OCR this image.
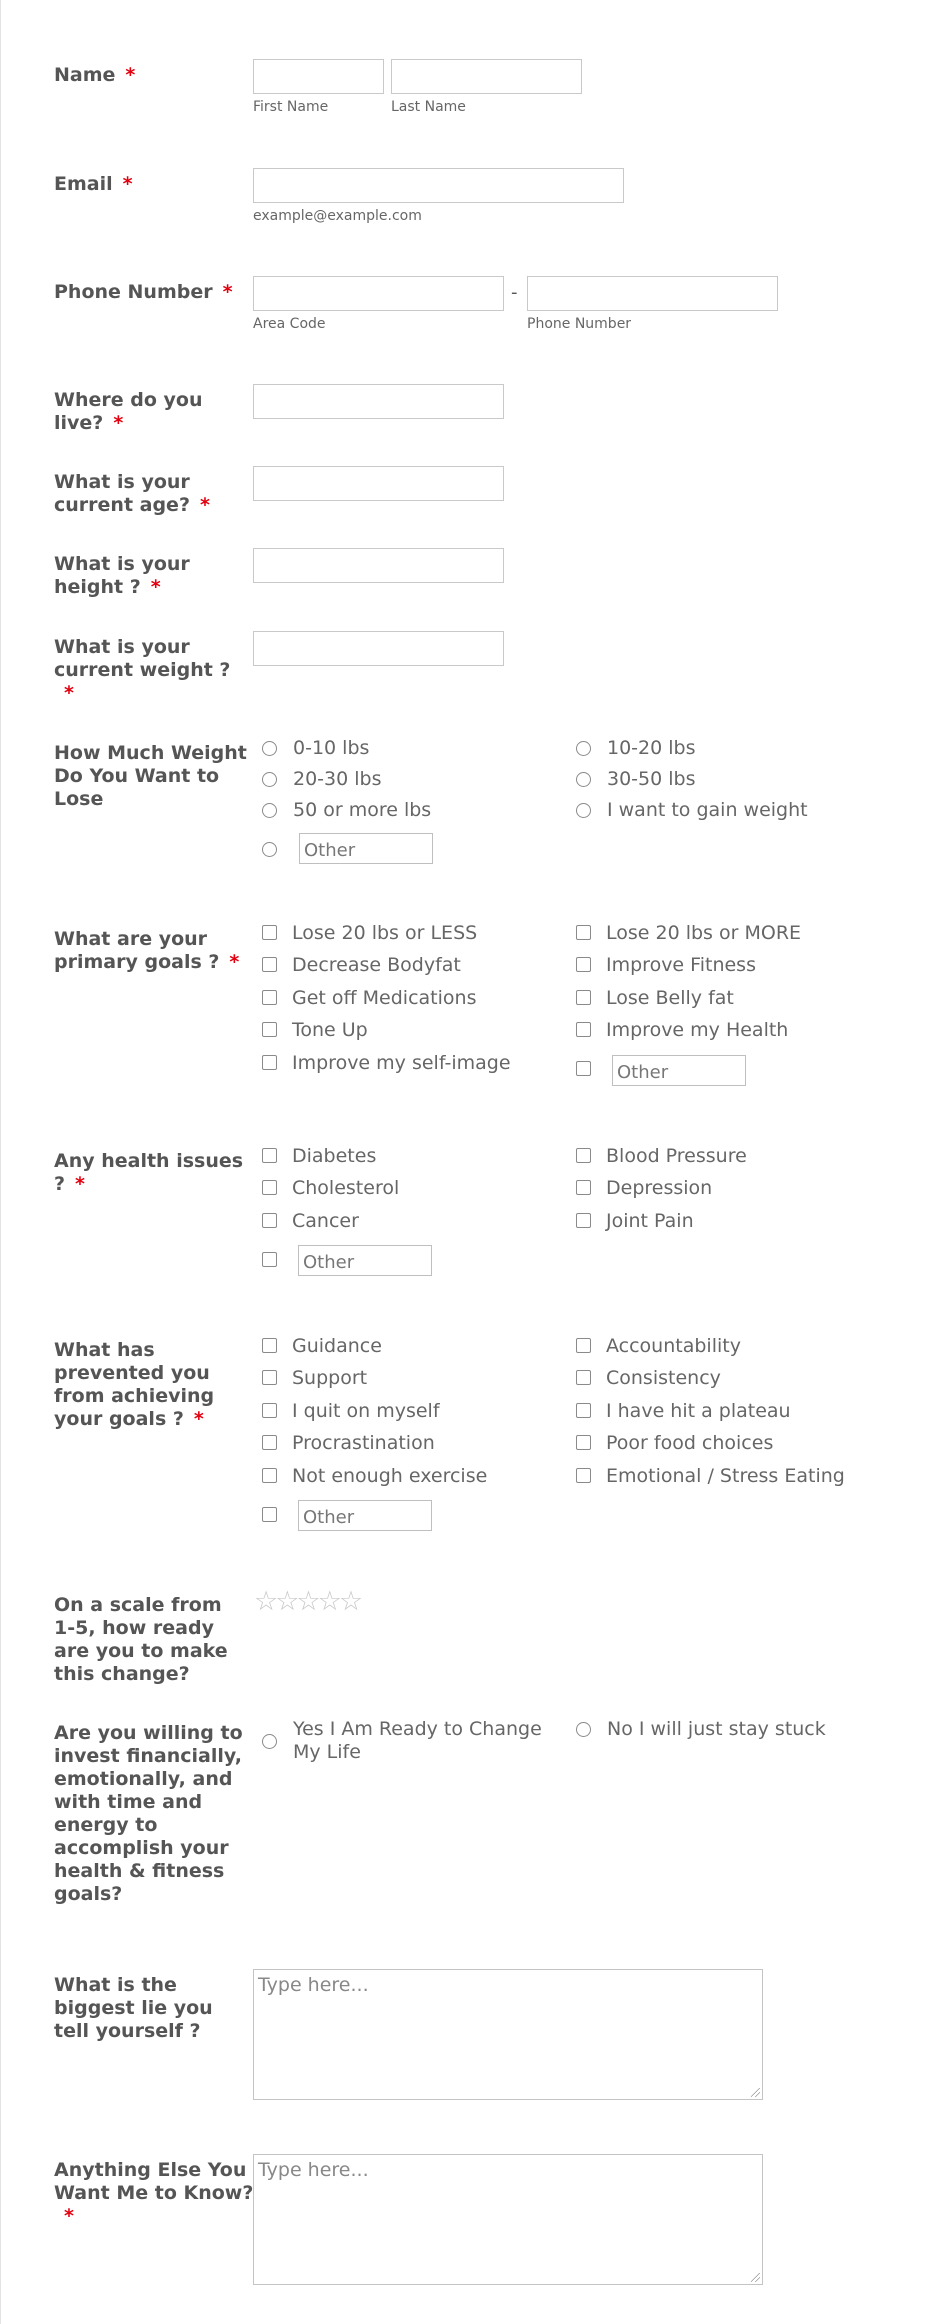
Name *
First Name	Last Name
Email *
example@example.com
Phone Number *	-
Area Code	Phone Number
Where do you live? *
What is your current age? *
What is your height ? *
What is your current weight ?*
How Much Weight Do You Want to Lose
0-10 lbs	10-20 lbs
20-30 lbs	30-50 lbs
50 or more lbs	I want to gain weight
Other
What are your primary goals ? *
Lose 20 lbs or LESS	Lose 20 lbs or MORE
Decrease Bodyfat	Improve Fitness
Get off Medications	Lose Belly fat
Tone Up	Improve my Health
Improve my self-image	Other
Any health issues ? *
Diabetes	Blood Pressure
Cholesterol	Depression
Cancer	Joint Pain
Other
What has prevented you from achieving your goals ? *
Guidance	Accountability
Support	Consistency
I quit on myself	I have hit a plateau
Procrastination	Poor food choices
Not enough exercise	Emotional / Stress Eating
Other
On a scale from 1-5, how ready are you to make this change?
☆☆☆☆☆
Are you willing to invest financially, emotionally, and with time and energy to accomplish your health & fitness goals?
Yes I Am Ready to Change My Life
No I will just stay stuck
What is the biggest lie you tell yourself ?
Type here...
Anything Else You Want Me to Know?*
Type here...
